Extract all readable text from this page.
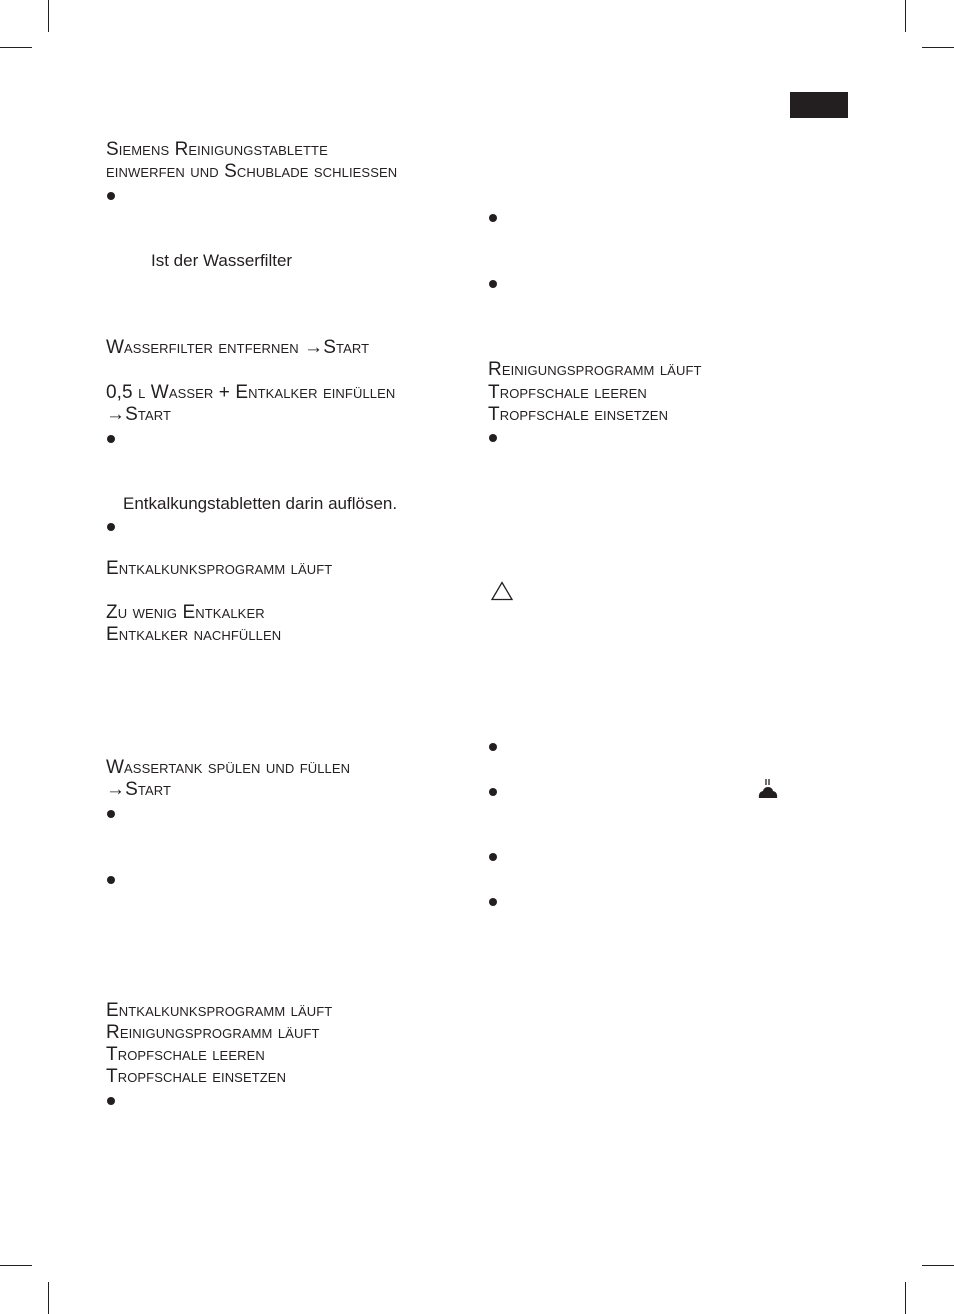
Siemens Reinigungstablette
einwerfen und Schublade schliessen
Ist der Wasserfilter
Wasserfilter entfernen →Start
0,5 l Wasser + Entkalker einfüllen
→Start
Entkalkungstabletten darin auflösen.
Entkalkunksprogramm läuft
Zu wenig Entkalker
Entkalker nachfüllen
Wassertank spülen und füllen
→Start
Entkalkunksprogramm läuft
Reinigungsprogramm läuft
Tropfschale leeren
Tropfschale einsetzen
Reinigungsprogramm läuft
Tropfschale leeren
Tropfschale einsetzen
